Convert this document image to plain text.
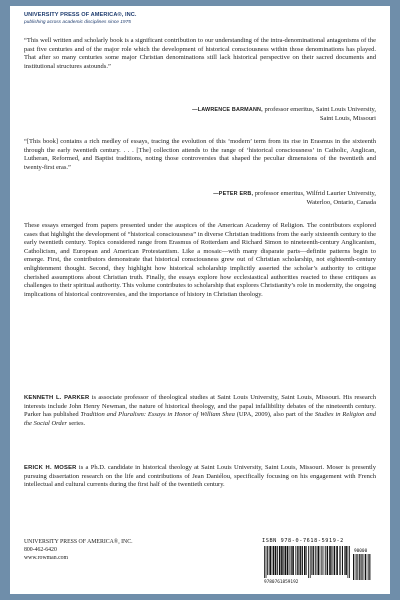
UNIVERSITY PRESS OF AMERICA®, INC.
publishing across academic disciplines since 1975

“This well written and scholarly book is a significant contribution to our understanding of the intra-denominational antagonisms of the past five centuries and of the major role which the development of historical consciousness within those denominations has played. That after so many centuries some major Christian denominations still lack historical perspective on their sacred documents and institutional structures astounds.”

—LAWRENCE BARMANN, professor emeritus, Saint Louis University,
Saint Louis, Missouri

“[This book] contains a rich medley of essays, tracing the evolution of this ‘modern’ term from its rise in Erasmus in the sixteenth through the early twentieth century. . . . [The] collection attends to the range of ‘historical consciousness’ in Catholic, Anglican, Lutheran, Reformed, and Baptist traditions, noting those controversies that shaped the peculiar dimensions of the twentieth and twenty-first eras.”

—PETER ERB, professor emeritus, Wilfrid Laurier University,
Waterloo, Ontario, Canada

These essays emerged from papers presented under the auspices of the American Academy of Religion. The contributors explored cases that highlight the development of “historical consciousness” in diverse Christian traditions from the early sixteenth century to the early twentieth century. Topics considered range from Erasmus of Rotterdam and Richard Simon to nineteenth-century Anglicanism, Catholicism, and European and American Protestantism. Like a mosaic—with many disparate parts—definite patterns begin to emerge. First, the contributors demonstrate that historical consciousness grew out of Christian scholarship, not eighteenth-century enlightenment thought. Second, they highlight how historical scholarship implicitly asserted the scholar’s authority to critique cherished assumptions about Christian truth. Finally, the essays explore how ecclesiastical authorities reacted to these critiques as challenges to their spiritual authority. This volume contributes to scholarship that explores Christianity’s role in modernity, the ongoing implications of historical controversies, and the importance of history in Christian theology.

KENNETH L. PARKER is associate professor of theological studies at Saint Louis University, Saint Louis, Missouri. His research interests include John Henry Newman, the nature of historical theology, and the papal infallibility debates of the nineteenth century. Parker has published Tradition and Pluralism: Essays in Honor of William Shea (UPA, 2009), also part of the Studies in Religion and the Social Order series.

ERICK H. MOSER is a Ph.D. candidate in historical theology at Saint Louis University, Saint Louis, Missouri. Moser is presently pursuing dissertation research on the life and contributions of Jean Daniélou, specifically focusing on his engagement with French intellectual and cultural currents during the first half of the twentieth century.

UNIVERSITY PRESS OF AMERICA®, INC.
800-462-6420
www.rowman.com
ISBN 978-0-7618-5919-2
9780761859192
90000
